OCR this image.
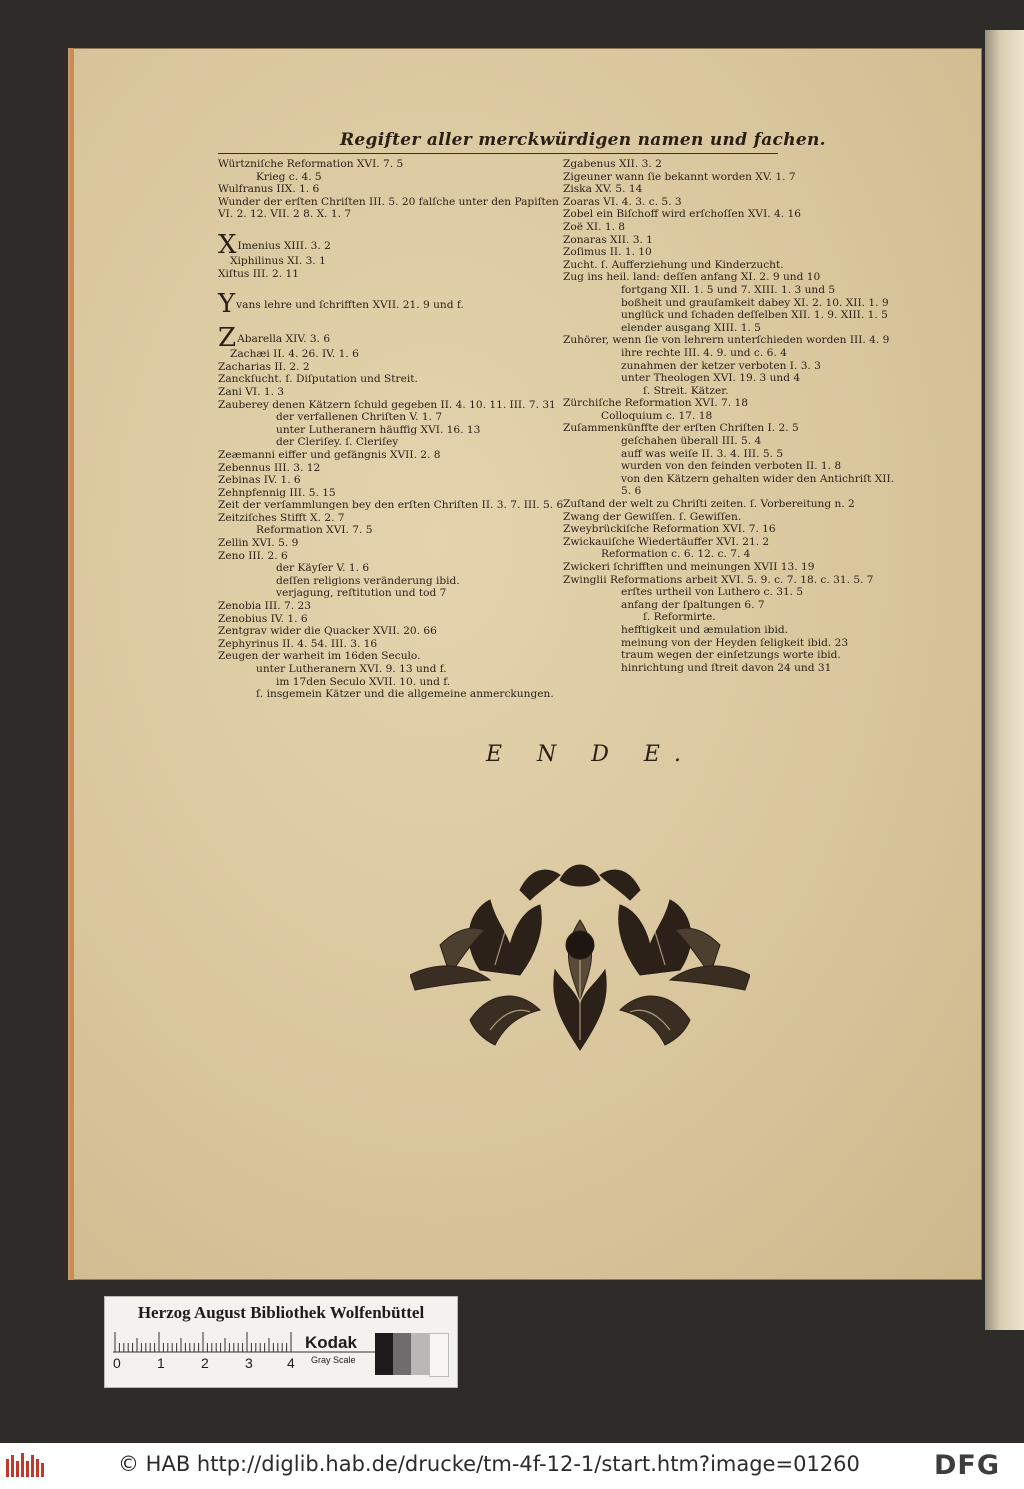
Regifter aller merckwürdigen namen und fachen.
Würtzniſche Reformation XVI. 7. 5
Krieg c. 4. 5
Wulfranus IIX. 1. 6
Wunder der erſten Chriſten III. 5. 20 falſche unter den Papiſten
VI. 2. 12. VII. 2 8. X. 1. 7
XImenius XIII. 3. 2
Xiphilinus XI. 3. 1
Xiſtus III. 2. 11
Yvans lehre und ſchrifften XVII. 21. 9 und f.
ZAbarella XIV. 3. 6
Zachæi II. 4. 26. IV. 1. 6
Zacharias II. 2. 2
Zanckſucht. ſ. Diſputation und Streit.
Zani VI. 1. 3
Zauberey denen Kätzern ſchuld gegeben II. 4. 10. 11. III. 7. 31
der verfallenen Chriſten V. 1. 7
unter Lutheranern häuffig XVI. 16. 13
der Cleriſey. ſ. Cleriſey
Zeæmanni eiffer und gefängnis XVII. 2. 8
Zebennus III. 3. 12
Zebinas IV. 1. 6
Zehnpfennig III. 5. 15
Zeit der verſammlungen bey den erſten Chriſten II. 3. 7. III. 5. 6
Zeitziſches Stifft X. 2. 7
Reformation XVI. 7. 5
Zellin XVI. 5. 9
Zeno III. 2. 6
der Käyſer V. 1. 6
deſſen religions veränderung ibid.
verjagung, reſtitution und tod 7
Zenobia III. 7. 23
Zenobius IV. 1. 6
Zentgrav wider die Quacker XVII. 20. 66
Zephyrinus II. 4. 54. III. 3. 16
Zeugen der warheit im 16den Seculo.
unter Lutheranern XVI. 9. 13 und f.
im 17den Seculo XVII. 10. und f.
ſ. insgemein Kätzer und die allgemeine anmerckungen.
Zgabenus XII. 3. 2
Zigeuner wann ſie bekannt worden XV. 1. 7
Ziska XV. 5. 14
Zoaras VI. 4. 3. c. 5. 3
Zobel ein Biſchoff wird erſchoſſen XVI. 4. 16
Zoë XI. 1. 8
Zonaras XII. 3. 1
Zoſimus II. 1. 10
Zucht. ſ. Aufferziehung und Kinderzucht.
Zug ins heil. land: deſſen anfang XI. 2. 9 und 10
fortgang XII. 1. 5 und 7. XIII. 1. 3 und 5
boßheit und grauſamkeit dabey XI. 2. 10. XII. 1. 9
unglück und ſchaden deſſelben XII. 1. 9. XIII. 1. 5
elender ausgang XIII. 1. 5
Zuhörer, wenn ſie von lehrern unterſchieden worden III. 4. 9
ihre rechte III. 4. 9. und c. 6. 4
zunahmen der ketzer verboten I. 3. 3
unter Theologen XVI. 19. 3 und 4
ſ. Streit. Kätzer.
Zürchiſche Reformation XVI. 7. 18
Colloquium c. 17. 18
Zuſammenkünffte der erſten Chriſten I. 2. 5
geſchahen überall III. 5. 4
auff was weiſe II. 3. 4. III. 5. 5
wurden von den feinden verboten II. 1. 8
von den Kätzern gehalten wider den Antichriſt XII.
5. 6
Zuſtand der welt zu Chriſti zeiten. ſ. Vorbereitung n. 2
Zwang der Gewiſſen. ſ. Gewiſſen.
Zweybrückiſche Reformation XVI. 7. 16
Zwickauiſche Wiedertäuffer XVI. 21. 2
Reformation c. 6. 12. c. 7. 4
Zwickeri ſchrifften und meinungen XVII 13. 19
Zwinglii Reformations arbeit XVI. 5. 9. c. 7. 18. c. 31. 5. 7
erſtes urtheil von Luthero c. 31. 5
anfang der ſpaltungen 6. 7
ſ. Reformirte.
hefftigkeit und æmulation ibid.
meinung von der Heyden ſeligkeit ibid. 23
traum wegen der einſetzungs worte ibid.
hinrichtung und ſtreit davon 24 und 31
E N D E.
Herzog August Bibliothek Wolfenbüttel
0	1	2	3 4
Kodak
Gray Scale
© HAB http://diglib.hab.de/drucke/tm-4f-12-1/start.htm?image=01260	DFG
